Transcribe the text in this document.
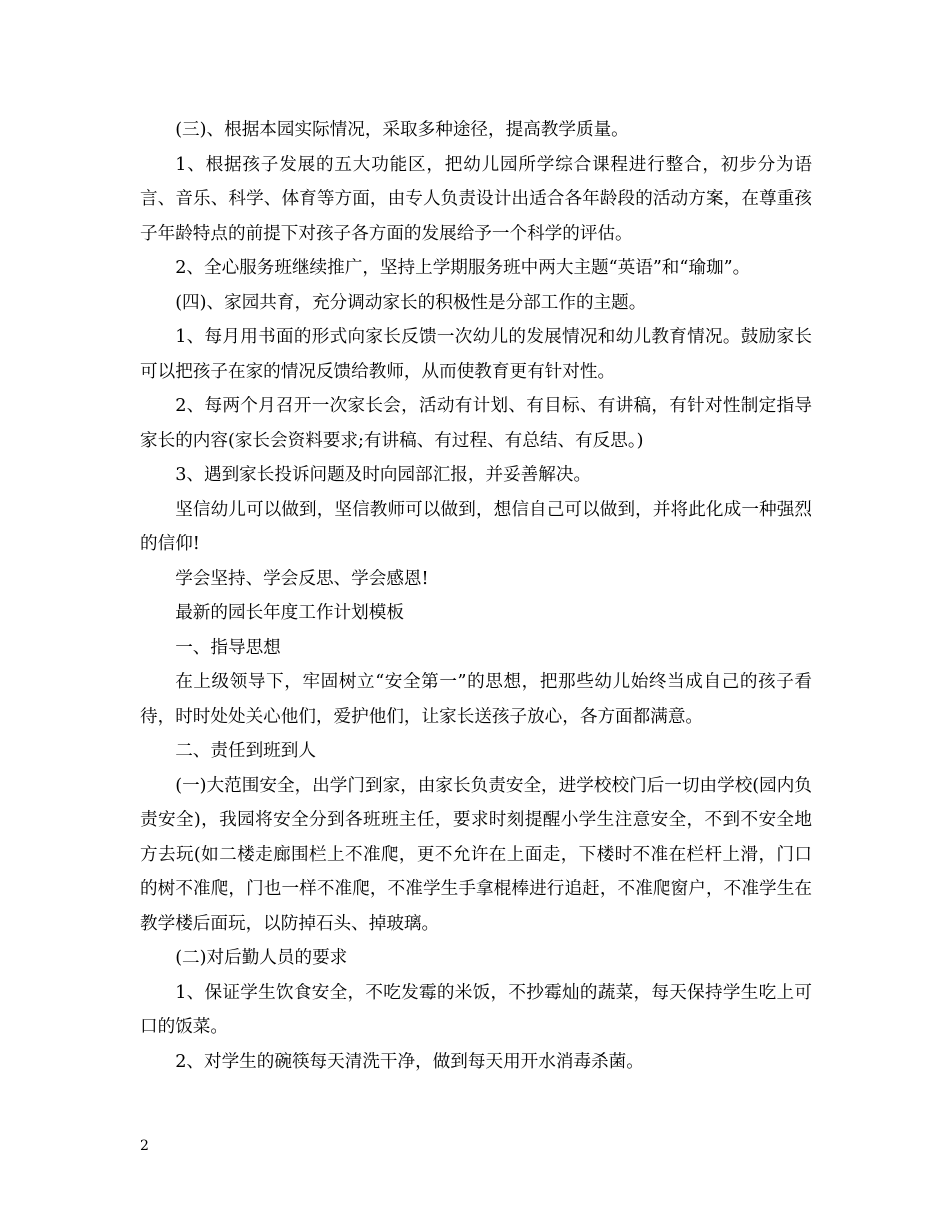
(三)、根据本园实际情况，采取多种途径，提高教学质量。

1、根据孩子发展的五大功能区，把幼儿园所学综合课程进行整合，初步分为语言、音乐、科学、体育等方面，由专人负责设计出适合各年龄段的活动方案，在尊重孩子年龄特点的前提下对孩子各方面的发展给予一个科学的评估。

2、全心服务班继续推广，坚持上学期服务班中两大主题“英语”和“瑜珈”。

(四)、家园共育，充分调动家长的积极性是分部工作的主题。

1、每月用书面的形式向家长反馈一次幼儿的发展情况和幼儿教育情况。鼓励家长可以把孩子在家的情况反馈给教师，从而使教育更有针对性。

2、每两个月召开一次家长会，活动有计划、有目标、有讲稿，有针对性制定指导家长的内容(家长会资料要求;有讲稿、有过程、有总结、有反思。)

3、遇到家长投诉问题及时向园部汇报，并妥善解决。

坚信幼儿可以做到，坚信教师可以做到，想信自己可以做到，并将此化成一种强烈的信仰!

学会坚持、学会反思、学会感恩!

最新的园长年度工作计划模板

一、指导思想

在上级领导下，牢固树立“安全第一”的思想，把那些幼儿始终当成自己的孩子看待，时时处处关心他们，爱护他们，让家长送孩子放心，各方面都满意。

二、责任到班到人

(一)大范围安全，出学门到家，由家长负责安全，进学校校门后一切由学校(园内负责安全)，我园将安全分到各班班主任，要求时刻提醒小学生注意安全，不到不安全地方去玩(如二楼走廊围栏上不准爬，更不允许在上面走，下楼时不准在栏杆上滑，门口的树不准爬，门也一样不准爬，不准学生手拿棍棒进行追赶，不准爬窗户，不准学生在教学楼后面玩，以防掉石头、掉玻璃。

(二)对后勤人员的要求

1、保证学生饮食安全，不吃发霉的米饭，不抄霉灿的蔬菜，每天保持学生吃上可口的饭菜。

2、对学生的碗筷每天清洗干净，做到每天用开水消毒杀菌。

2
